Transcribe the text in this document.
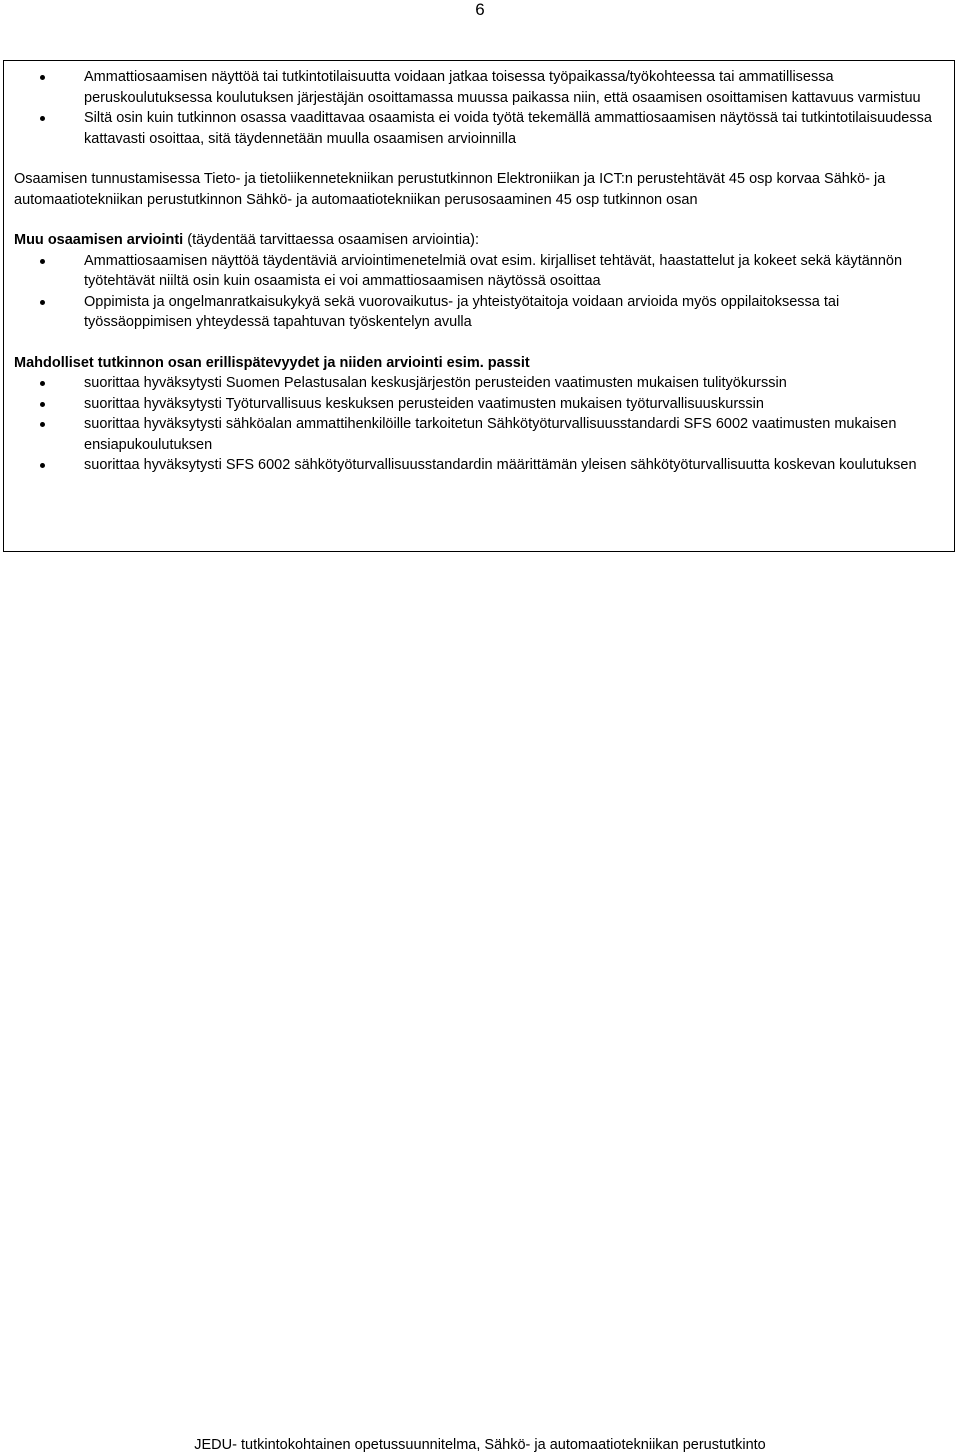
6
Ammattiosaamisen näyttöä tai tutkintotilaisuutta voidaan jatkaa toisessa työpaikassa/työkohteessa tai ammatillisessa peruskoulutuksessa koulutuksen järjestäjän osoittamassa muussa paikassa niin, että osaamisen osoittamisen kattavuus varmistuu
Siltä osin kuin tutkinnon osassa vaadittavaa osaamista ei voida työtä tekemällä ammattiosaamisen näytössä tai tutkintotilaisuudessa kattavasti osoittaa, sitä täydennetään muulla osaamisen arvioinnilla

Osaamisen tunnustamisessa Tieto- ja tietoliikennetekniikan perustutkinnon Elektroniikan ja ICT:n perustehtävät 45 osp korvaa Sähkö- ja automaatiotekniikan perustutkinnon Sähkö- ja automaatiotekniikan perusosaaminen 45 osp tutkinnon osan

Muu osaamisen arviointi (täydentää tarvittaessa osaamisen arviointia):

Ammattiosaamisen näyttöä täydentäviä arviointimenetelmiä ovat esim. kirjalliset tehtävät, haastattelut ja kokeet sekä käytännön työtehtävät niiltä osin kuin osaamista ei voi ammattiosaamisen näytössä osoittaa
Oppimista ja ongelmanratkaisukykyä sekä vuorovaikutus- ja yhteistyötaitoja voidaan arvioida myös oppilaitoksessa tai työssäoppimisen yhteydessä tapahtuvan työskentelyn avulla

Mahdolliset tutkinnon osan erillispätevyydet ja niiden arviointi esim. passit

suorittaa hyväksytysti Suomen Pelastusalan keskusjärjestön perusteiden vaatimusten mukaisen tulityökurssin
suorittaa hyväksytysti Työturvallisuus keskuksen perusteiden vaatimusten mukaisen työturvallisuuskurssin
suorittaa hyväksytysti sähköalan ammattihenkilöille tarkoitetun Sähkötyöturvallisuusstandardi SFS 6002 vaatimusten mukaisen ensiapukoulutuksen
suorittaa hyväksytysti SFS 6002 sähkötyöturvallisuusstandardin määrittämän yleisen sähkötyöturvallisuutta koskevan koulutuksen
JEDU- tutkintokohtainen opetussuunnitelma, Sähkö- ja automaatiotekniikan perustutkinto
